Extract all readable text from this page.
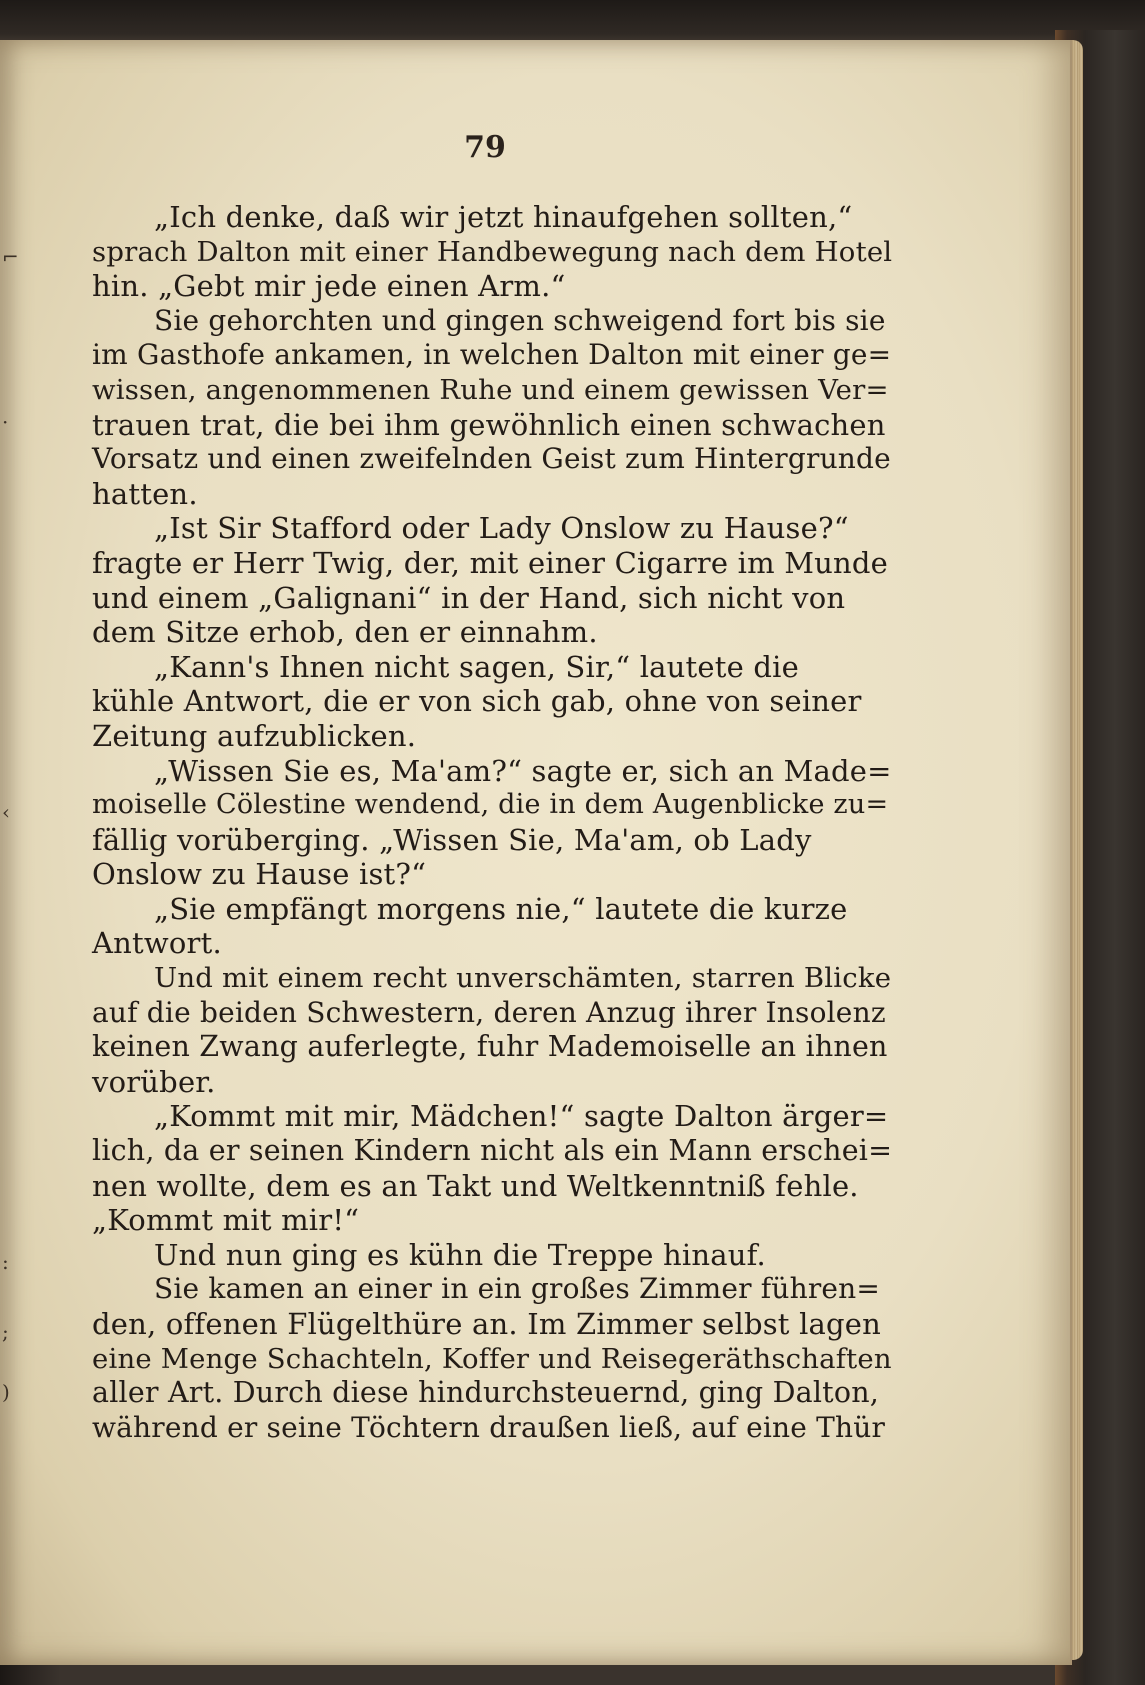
⌐
·
‹
:
;
)
79
„Ich denke, daß wir jetzt hinaufgehen sollten,“
sprach Dalton mit einer Handbewegung nach dem Hotel
hin. „Gebt mir jede einen Arm.“
Sie gehorchten und gingen schweigend fort bis sie
im Gasthofe ankamen, in welchen Dalton mit einer ge=
wissen, angenommenen Ruhe und einem gewissen Ver=
trauen trat, die bei ihm gewöhnlich einen schwachen
Vorsatz und einen zweifelnden Geist zum Hintergrunde
hatten.
„Ist Sir Stafford oder Lady Onslow zu Hause?“
fragte er Herr Twig, der, mit einer Cigarre im Munde
und einem „Galignani“ in der Hand, sich nicht von
dem Sitze erhob, den er einnahm.
„Kann's Ihnen nicht sagen, Sir,“ lautete die
kühle Antwort, die er von sich gab, ohne von seiner
Zeitung aufzublicken.
„Wissen Sie es, Ma'am?“ sagte er, sich an Made=
moiselle Cölestine wendend, die in dem Augenblicke zu=
fällig vorüberging. „Wissen Sie, Ma'am, ob Lady
Onslow zu Hause ist?“
„Sie empfängt morgens nie,“ lautete die kurze
Antwort.
Und mit einem recht unverschämten, starren Blicke
auf die beiden Schwestern, deren Anzug ihrer Insolenz
keinen Zwang auferlegte, fuhr Mademoiselle an ihnen
vorüber.
„Kommt mit mir, Mädchen!“ sagte Dalton ärger=
lich, da er seinen Kindern nicht als ein Mann erschei=
nen wollte, dem es an Takt und Weltkenntniß fehle.
„Kommt mit mir!“
Und nun ging es kühn die Treppe hinauf.
Sie kamen an einer in ein großes Zimmer führen=
den, offenen Flügelthüre an. Im Zimmer selbst lagen
eine Menge Schachteln, Koffer und Reisegeräthschaften
aller Art. Durch diese hindurchsteuernd, ging Dalton,
während er seine Töchtern draußen ließ, auf eine Thür
